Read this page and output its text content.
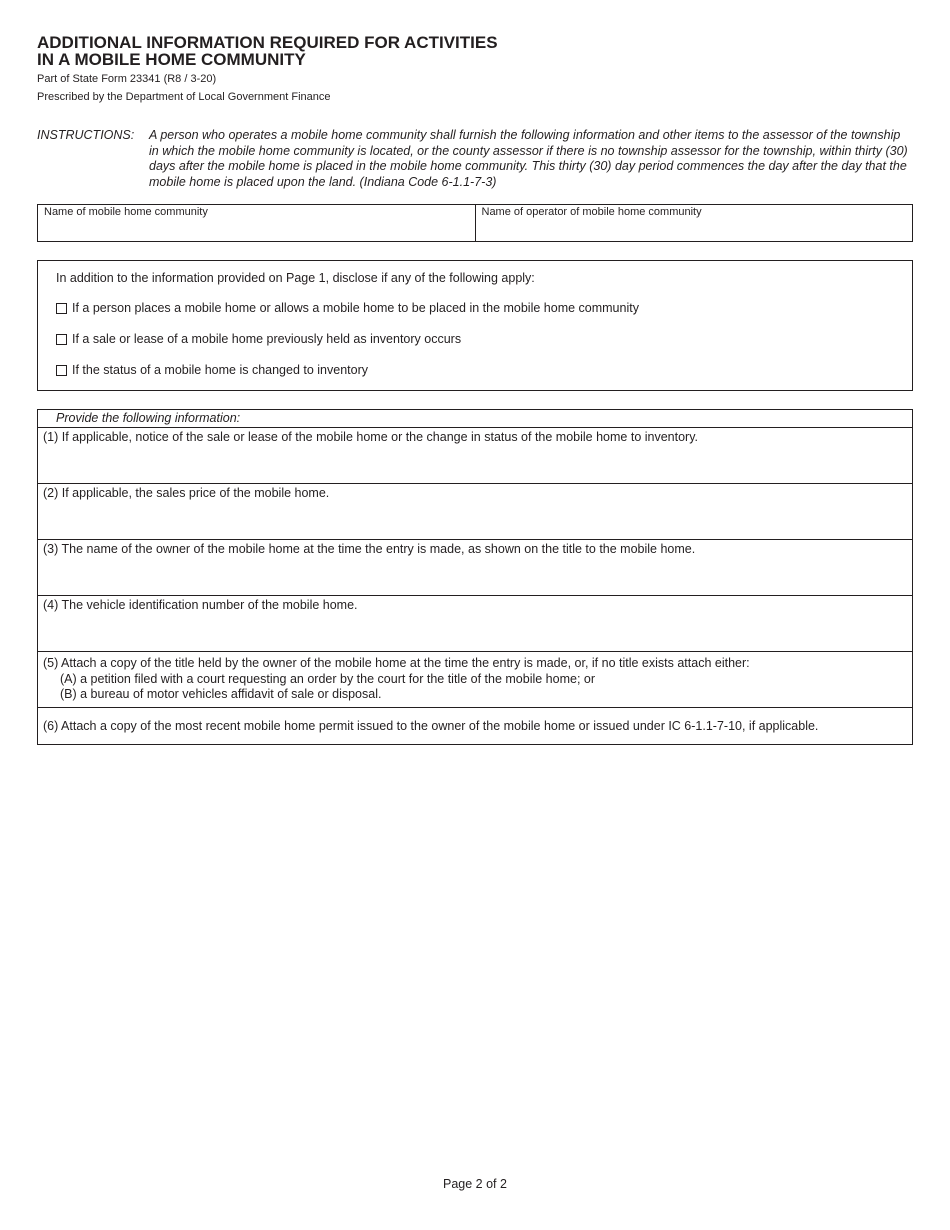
ADDITIONAL INFORMATION REQUIRED FOR ACTIVITIES
IN A MOBILE HOME COMMUNITY
Part of State Form 23341 (R8 / 3-20)
Prescribed by the Department of Local Government Finance
INSTRUCTIONS: A person who operates a mobile home community shall furnish the following information and other items to the assessor of the township in which the mobile home community is located, or the county assessor if there is no township assessor for the township, within thirty (30) days after the mobile home is placed in the mobile home community. This thirty (30) day period commences the day after the day that the mobile home is placed upon the land. (Indiana Code 6-1.1-7-3)
Name of mobile home community	Name of operator of mobile home community
In addition to the information provided on Page 1, disclose if any of the following apply:
If a person places a mobile home or allows a mobile home to be placed in the mobile home community
If a sale or lease of a mobile home previously held as inventory occurs
If the status of a mobile home is changed to inventory
Provide the following information:
(1) If applicable, notice of the sale or lease of the mobile home or the change in status of the mobile home to inventory.
(2) If applicable, the sales price of the mobile home.
(3) The name of the owner of the mobile home at the time the entry is made, as shown on the title to the mobile home.
(4) The vehicle identification number of the mobile home.
(5) Attach a copy of the title held by the owner of the mobile home at the time the entry is made, or, if no title exists attach either:
(A) a petition filed with a court requesting an order by the court for the title of the mobile home; or
(B) a bureau of motor vehicles affidavit of sale or disposal.
(6) Attach a copy of the most recent mobile home permit issued to the owner of the mobile home or issued under IC 6-1.1-7-10, if applicable.
Page 2 of 2
